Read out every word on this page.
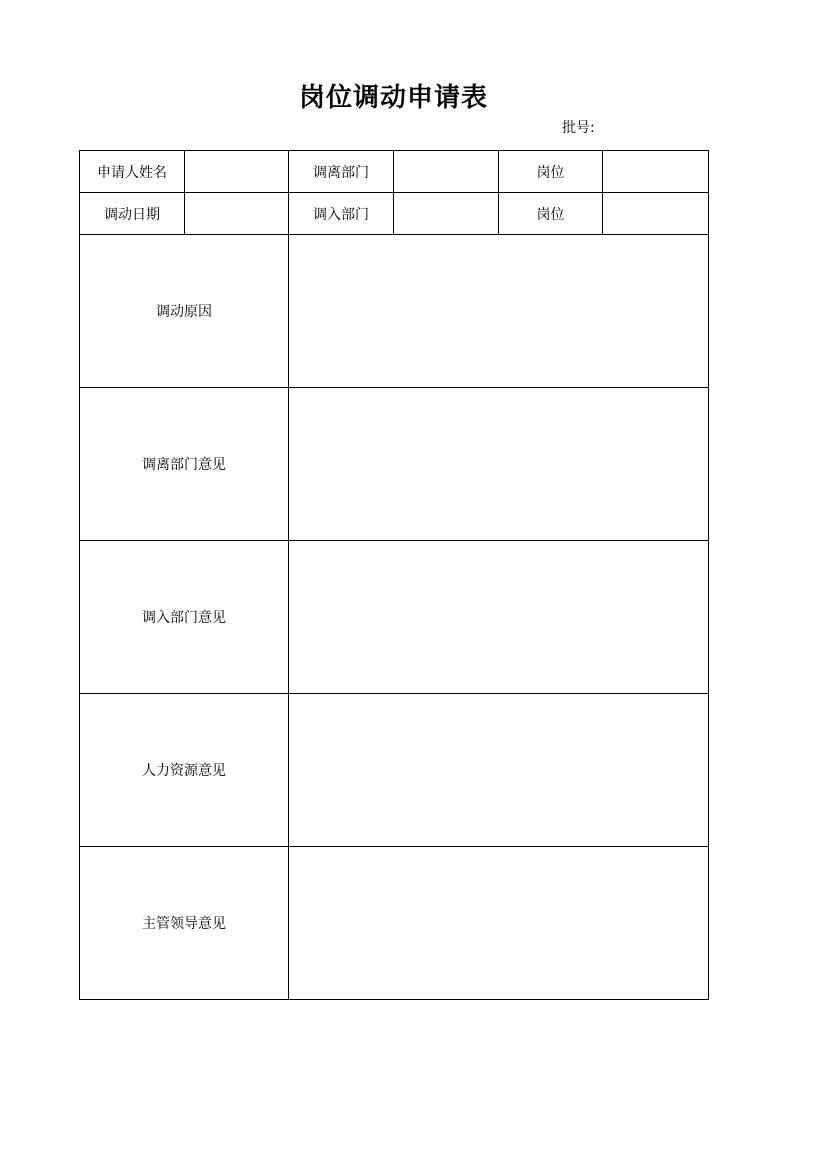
岗位调动申请表
批号:
申请人姓名		调离部门		岗位	
调动日期		调入部门		岗位	
调动原因					
调离部门意见					
调入部门意见					
人力资源意见					
主管领导意见					
